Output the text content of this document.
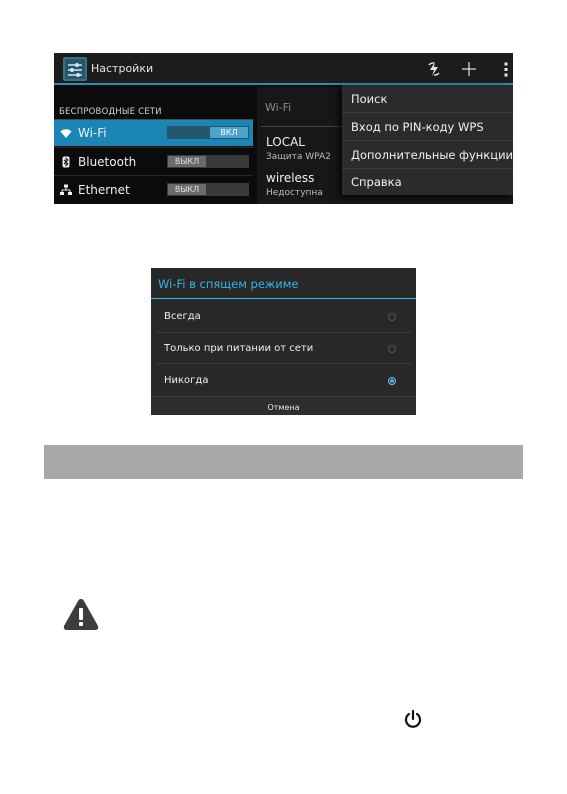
Настройки
БЕСПРОВОДНЫЕ СЕТИ
Wi-Fi	ВКЛ
Bluetooth	ВЫКЛ
Ethernet	ВЫКЛ
Wi-Fi
LOCAL
Защита WPA2
wireless
Недоступна
Поиск
Вход по PIN-коду WPS
Дополнительные функции
Справка
Wi-Fi в спящем режиме
Всегда
Только при питании от сети
Никогда
Отмена
